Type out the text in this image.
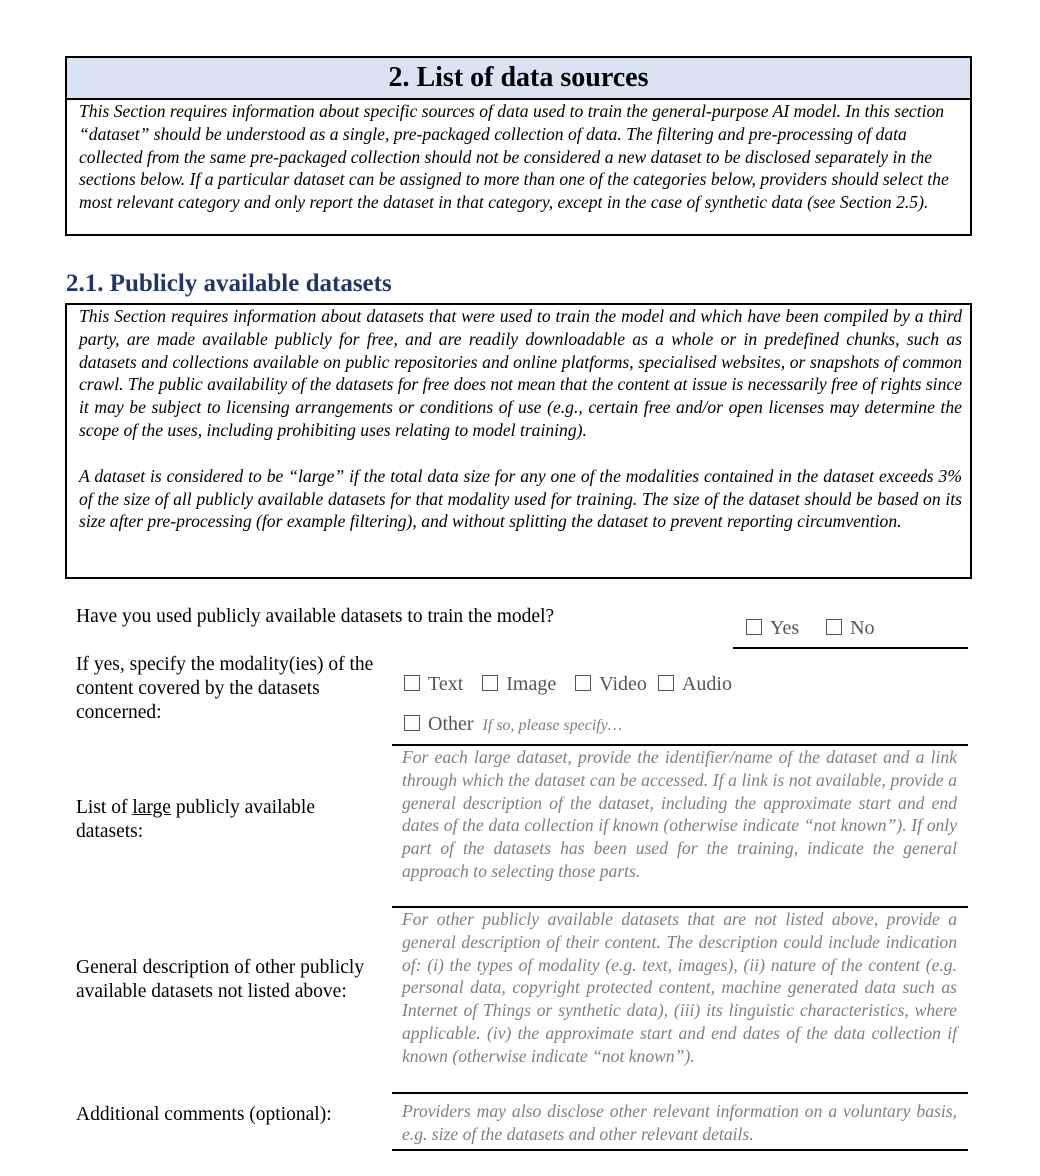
2. List of data sources
This Section requires information about specific sources of data used to train the general-purpose AI model. In this section “dataset” should be understood as a single, pre-packaged collection of data. The filtering and pre-processing of data collected from the same pre-packaged collection should not be considered a new dataset to be disclosed separately in the sections below. If a particular dataset can be assigned to more than one of the categories below, providers should select the most relevant category and only report the dataset in that category, except in the case of synthetic data (see Section 2.5).
2.1. Publicly available datasets
This Section requires information about datasets that were used to train the model and which have been compiled by a third party, are made available publicly for free, and are readily downloadable as a whole or in predefined chunks, such as datasets and collections available on public repositories and online platforms, specialised websites, or snapshots of common crawl. The public availability of the datasets for free does not mean that the content at issue is necessarily free of rights since it may be subject to licensing arrangements or conditions of use (e.g., certain free and/or open licenses may determine the scope of the uses, including prohibiting uses relating to model training).
A dataset is considered to be “large” if the total data size for any one of the modalities contained in the dataset exceeds 3% of the size of all publicly available datasets for that modality used for training. The size of the dataset should be based on its size after pre-processing (for example filtering), and without splitting the dataset to prevent reporting circumvention.
Have you used publicly available datasets to train the model?
Yes	No
If yes, specify the modality(ies) of the content covered by the datasets concerned:
Text Image Video Audio
Other If so, please specify…
List of large publicly available datasets:
For each large dataset, provide the identifier/name of the dataset and a link through which the dataset can be accessed. If a link is not available, provide a general description of the dataset, including the approximate start and end dates of the data collection if known (otherwise indicate “not known”). If only part of the datasets has been used for the training, indicate the general approach to selecting those parts.
General description of other publicly available datasets not listed above:
For other publicly available datasets that are not listed above, provide a general description of their content. The description could include indication of: (i) the types of modality (e.g. text, images), (ii) nature of the content (e.g. personal data, copyright protected content, machine generated data such as Internet of Things or synthetic data), (iii) its linguistic characteristics, where applicable. (iv) the approximate start and end dates of the data collection if known (otherwise indicate “not known”).
Additional comments (optional):	Providers may also disclose other relevant information on a voluntary basis, e.g. size of the datasets and other relevant details.
